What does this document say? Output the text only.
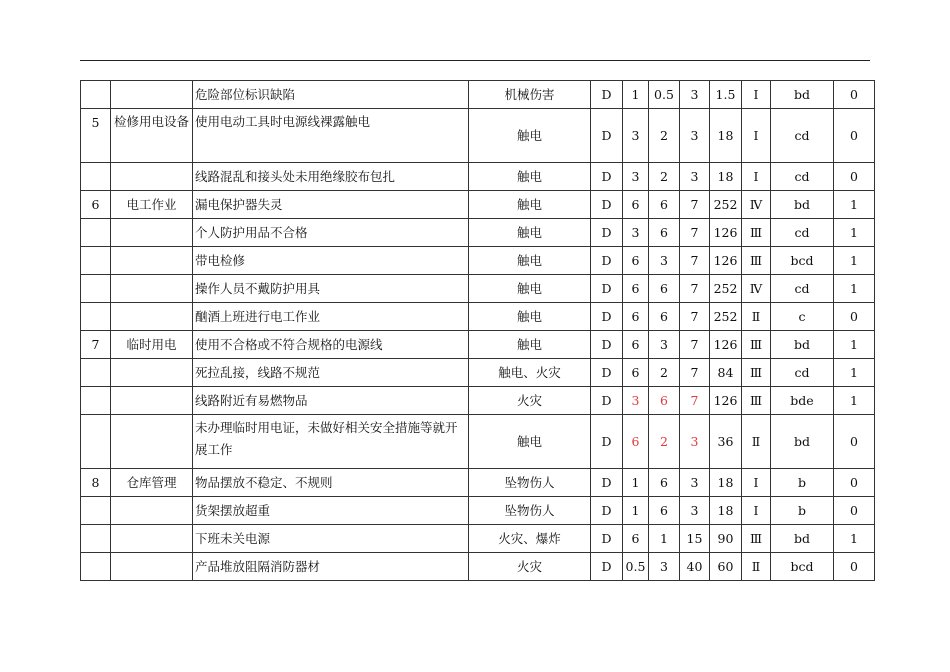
		危险部位标识缺陷	机械伤害	D	1	0.5	3	1.5	Ⅰ	bd	0
5	检修用电设备	使用电动工具时电源线裸露触电	触电	D	3	2	3	18	Ⅰ	cd	0
		线路混乱和接头处未用绝缘胶布包扎	触电	D	3	2	3	18	Ⅰ	cd	0
6	电工作业	漏电保护器失灵	触电	D	6	6	7	252	Ⅳ	bd	1
		个人防护用品不合格	触电	D	3	6	7	126	Ⅲ	cd	1
		带电检修	触电	D	6	3	7	126	Ⅲ	bcd	1
		操作人员不戴防护用具	触电	D	6	6	7	252	Ⅳ	cd	1
		酗酒上班进行电工作业	触电	D	6	6	7	252	Ⅱ	c	0
7	临时用电	使用不合格或不符合规格的电源线	触电	D	6	3	7	126	Ⅲ	bd	1
		死拉乱接，线路不规范	触电、火灾	D	6	2	7	84	Ⅲ	cd	1
		线路附近有易燃物品	火灾	D	3	6	7	126	Ⅲ	bde	1
		未办理临时用电证，未做好相关安全措施等就开展工作	触电	D	6	2	3	36	Ⅱ	bd	0
8	仓库管理	物品摆放不稳定、不规则	坠物伤人	D	1	6	3	18	Ⅰ	b	0
		货架摆放超重	坠物伤人	D	1	6	3	18	Ⅰ	b	0
		下班未关电源	火灾、爆炸	D	6	1	15	90	Ⅲ	bd	1
		产品堆放阻隔消防器材	火灾	D	0.5	3	40	60	Ⅱ	bcd	0
